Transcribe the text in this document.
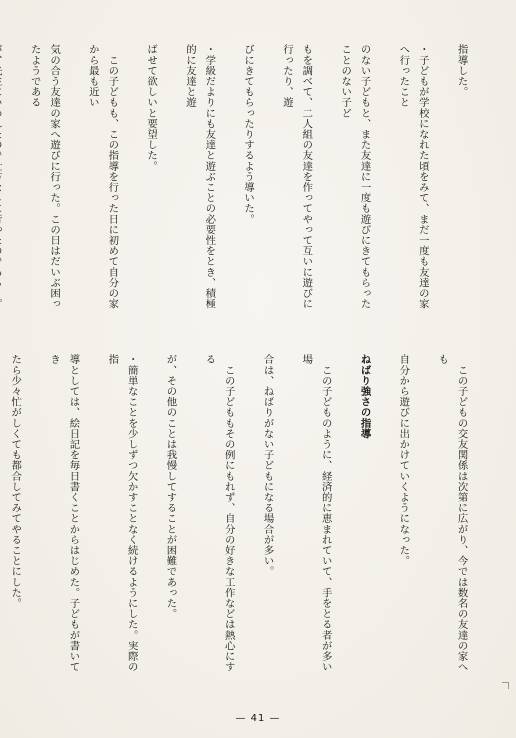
指導した。

・子どもが学校になれた頃をみて、まだ一度も友達の家へ行ったこと

のない子どもと、また友達に一度も遊びにきてもらったことのない子ど

もを調べて、二人組の友達を作ってやって互いに遊びに行ったり、遊

びにきてもらったりするよう導いた。

・学級だよりにも友達と遊ぶことの必要性をとき、積極的に友達と遊

ばせて欲しいと要望した。

　この子どもも、この指導を行った日に初めて自分の家から最も近い

気の合う友達の家へ遊びに行った。この日はだいぶ困ったようである

　この子どもの交友関係は次第に広がり、今では数名の友達の家へも

自分から遊びに出かけていくようになった。

ねばり強さの指導

　この子どものように、経済的に恵まれていて、手をとる者が多い場

合は、ねばりがない子どもになる場合が多い。

　この子どももその例にもれず、自分の好きな工作などは熱心にする

が、その他のことは我慢してすることが困難であった。

・簡単なことを少しずつ欠かすことなく続けるようにした。実際の指

導としては、絵日記を毎日書くことからはじめた。子どもが書いてき

たら少々忙がしくても都合してみてやることにした。

— 41 —
